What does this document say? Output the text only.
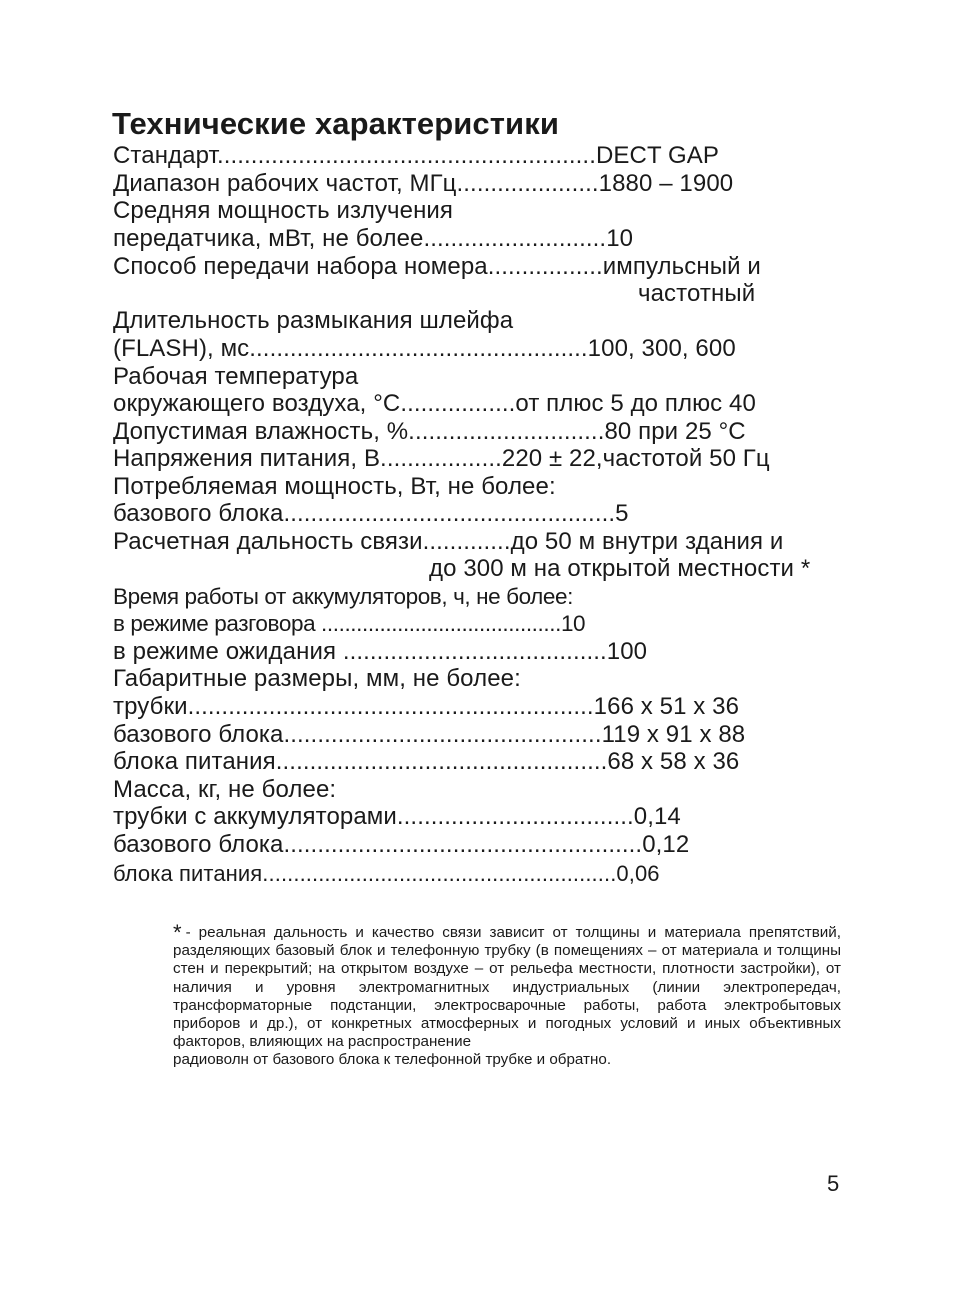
Технические характеристики
Стандарт........................................................DECT GAP
Диапазон рабочих частот, МГц.....................1880 – 1900
Средняя мощность излучения
передатчика, мВт, не более...........................10
Способ передачи набора номера.................импульсный и
частотный
Длительность размыкания шлейфа
(FLASH), мс..................................................100, 300, 600
Рабочая температура
окружающего воздуха, °С.................от плюс 5 до плюс 40
Допустимая влажность, %.............................80 при 25 °С
Напряжения питания, В..................220 ± 22,частотой 50 Гц
Потребляемая мощность, Вт, не более:
базового блока.................................................5
Расчетная дальность связи.............до 50 м внутри здания и
до 300 м на открытой местности *
Время работы от аккумуляторов, ч, не более:
в режиме разговора .........................................10
в режиме ожидания .......................................100
Габаритные размеры, мм, не более:
трубки............................................................166 х 51 х 36
базового блока...............................................119 х 91 х 88
блока питания.................................................68 х 58 х 36
Масса, кг, не более:
трубки с аккумуляторами...................................0,14
базового блока.....................................................0,12
блока питания.........................................................0,06
* - реальная дальность и качество связи зависит от толщины и материала препятствий, разделяющих базовый блок и телефонную трубку (в помещениях – от материала и толщины стен и перекрытий; на открытом воздухе – от рельефа местности, плотности застройки), от наличия и уровня электромагнитных индустриальных (линии электропередач, трансформаторные подстанции, электросварочные работы, работа электробытовых приборов и др.), от конкретных атмосферных и погодных условий и иных объективных факторов, влияющих на распространение
радиоволн от базового блока к телефонной трубке и обратно.
5
